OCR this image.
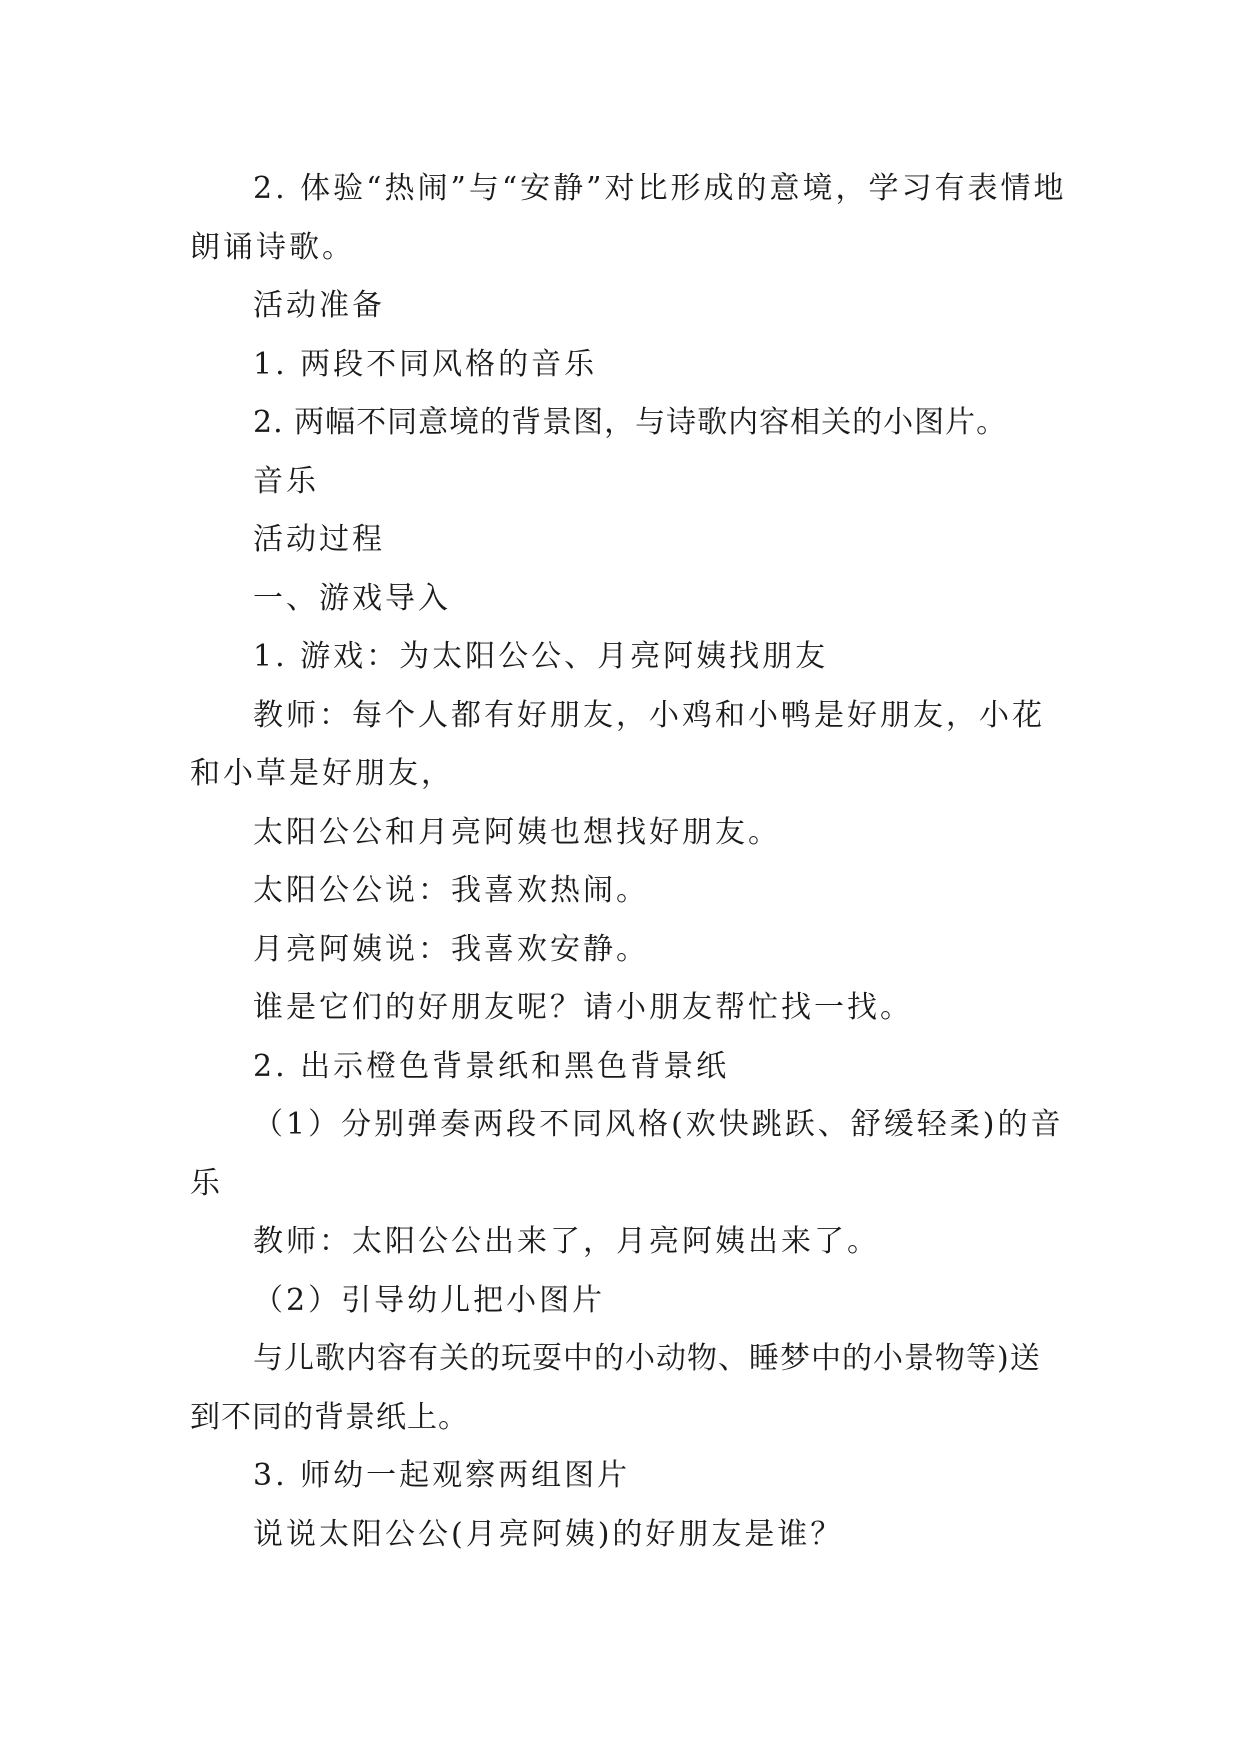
2. 体验“热闹”与“安静”对比形成的意境，学习有表情地朗诵诗歌。

活动准备

1. 两段不同风格的音乐

2. 两幅不同意境的背景图，与诗歌内容相关的小图片。

音乐

活动过程

一、游戏导入

1. 游戏：为太阳公公、月亮阿姨找朋友

教师：每个人都有好朋友，小鸡和小鸭是好朋友，小花和小草是好朋友，

太阳公公和月亮阿姨也想找好朋友。

太阳公公说：我喜欢热闹。

月亮阿姨说：我喜欢安静。

谁是它们的好朋友呢？请小朋友帮忙找一找。

2. 出示橙色背景纸和黑色背景纸

（1）分别弹奏两段不同风格(欢快跳跃、舒缓轻柔)的音乐

教师：太阳公公出来了，月亮阿姨出来了。

（2）引导幼儿把小图片

与儿歌内容有关的玩耍中的小动物、睡梦中的小景物等)送到不同的背景纸上。

3. 师幼一起观察两组图片

说说太阳公公(月亮阿姨)的好朋友是谁？
